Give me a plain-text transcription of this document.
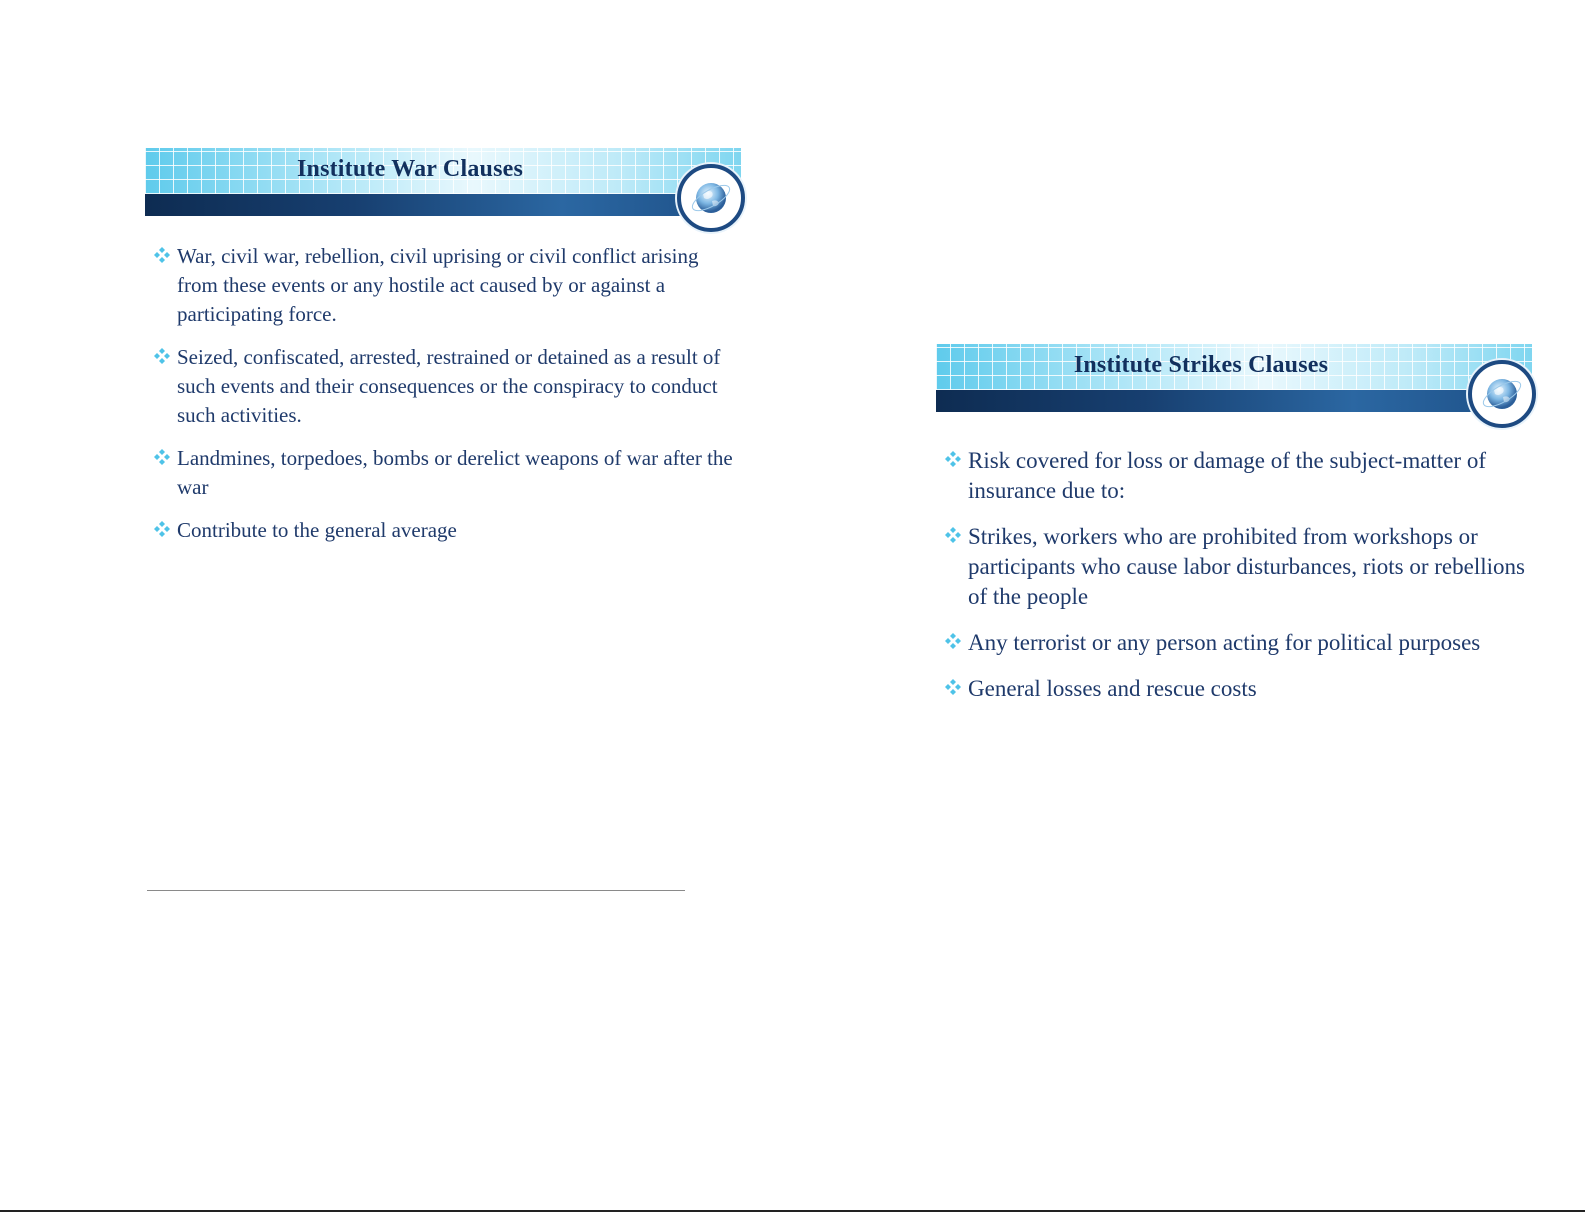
Institute War Clauses
War, civil war, rebellion, civil uprising or civil conflict arising from these events or any hostile act caused by or against a participating force.
Seized, confiscated, arrested, restrained or detained as a result of such events and their consequences or the conspiracy to conduct such activities.
Landmines, torpedoes, bombs or derelict weapons of war after the war
Contribute to the general average
Institute Strikes Clauses
Risk covered for loss or damage of the subject-matter of insurance due to:
Strikes, workers who are prohibited from workshops or participants who cause labor disturbances, riots or rebellions of the people
Any terrorist or any person acting for political purposes
General losses and rescue costs
